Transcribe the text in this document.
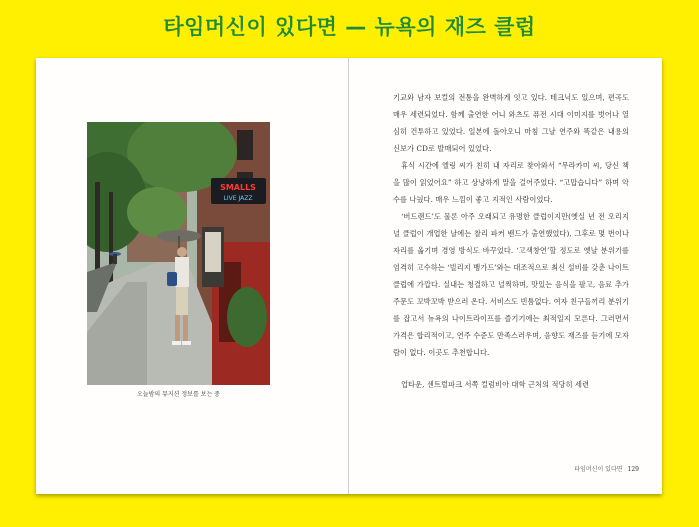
타임머신이 있다면 — 뉴욕의 재즈 클럽
SMALLS
LIVE JAZZ
오늘밤의 뮤지션 정보를 보는 중

기교와 남자 보컬의 전통을 완벽하게 잇고 있다. 테크닉도 있으며, 편곡도 매우 세련되었다. 함께 출연한 어니 와츠도 퓨전 시대 이미지를 벗어나 열심히 건투하고 있었다. 일본에 돌아오니 마침 그날 연주와 똑같은 내용의 신보가 CD로 발매되어 있었다.

휴식 시간에 엘링 씨가 친히 내 자리로 찾아와서 “무라카미 씨, 당신 책을 많이 읽었어요” 하고 상냥하게 말을 걸어주었다. “고맙습니다” 하며 악수를 나눴다. 매우 느낌이 좋고 지적인 사람이었다.

‘버드랜드’도 물론 아주 오래되고 유명한 클럽이지만(옛실 년 전 오리지널 클럽이 개업한 날에는 찰리 파커 밴드가 출연했었다), 그후로 몇 번이나 자리를 옮기며 경영 방식도 바꾸었다. ‘고색창연’할 정도로 옛날 분위기를 엄격히 고수하는 ‘빌리지 뱅가드’와는 대조적으로 최신 설비를 갖춘 나이트클럽에 가깝다. 실내는 청결하고 널찍하며, 맛있는 음식을 팔고, 음료 추가 주문도 꼬박꼬박 받으러 온다. 서비스도 빈틈없다. 여자 친구들끼리 분위기를 잡고서 뉴욕의 나이트라이프를 즐기기에는 최적일지 모른다. 그러면서 가격은 합리적이고, 연주 수준도 만족스러우며, 음향도 재즈를 듣기에 모자람이 없다. 이곳도 추천합니다.

업타운, 센트럴파크 서쪽 컬럼비아 대학 근처의 적당히 세련

타임머신이 있다면 129
